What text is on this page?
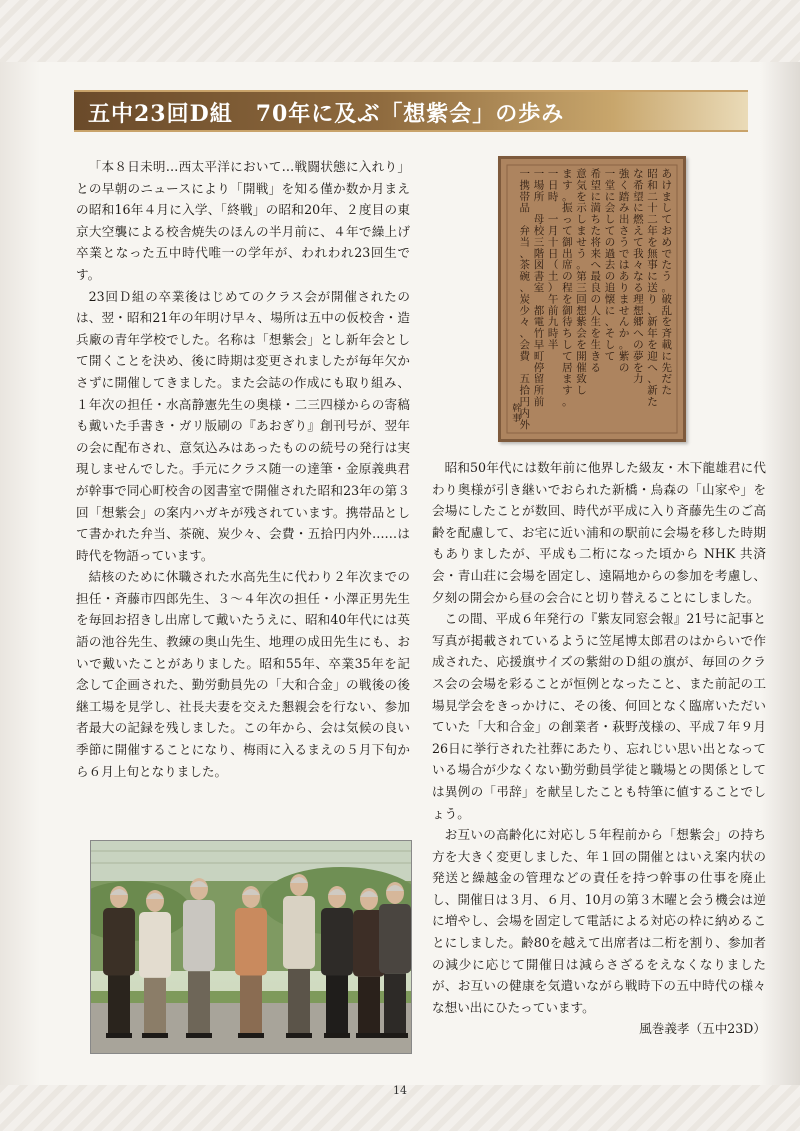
五中23回D組　70年に及ぶ「想紫会」の歩み

「本８日未明…西太平洋において…戦闘状態に入れり」との早朝のニュースにより「開戦」を知る僅か数か月まえの昭和16年４月に入学、「終戦」の昭和20年、２度目の東京大空襲による校舎焼失のほんの半月前に、４年で繰上げ卒業となった五中時代唯一の学年が、われわれ23回生です。

23回Ｄ組の卒業後はじめてのクラス会が開催されたのは、翌・昭和21年の年明け早々、場所は五中の仮校舎・造兵廠の青年学校でした。名称は「想紫会」とし新年会として開くことを決め、後に時期は変更されましたが毎年欠かさずに開催してきました。また会誌の作成にも取り組み、１年次の担任・水高静憲先生の奥様・二三四様からの寄稿も戴いた手書き・ガリ版刷の『あおぎり』創刊号が、翌年の会に配布され、意気込みはあったものの続号の発行は実現しませんでした。手元にクラス随一の達筆・金原義典君が幹事で同心町校舎の図書室で開催された昭和23年の第３回「想紫会」の案内ハガキが残されています。携帯品として書かれた弁当、茶碗、炭少々、会費・五拾円内外……は時代を物語っています。

結核のために休職された水高先生に代わり２年次までの担任・斉藤市四郎先生、３～４年次の担任・小澤正男先生を毎回お招きし出席して戴いたうえに、昭和40年代には英語の池谷先生、教練の奥山先生、地理の成田先生にも、おいで戴いたことがありました。昭和55年、卒業35年を記念して企画された、勤労動員先の「大和合金」の戦後の後継工場を見学し、社長夫妻を交えた懇親会を行ない、参加者最大の記録を残しました。この年から、会は気候の良い季節に開催することになり、梅雨に入るまえの５月下旬から６月上旬となりました。

あけましておめでたう。破乱を斉載に先だた
昭和二十二年を無事に送り、新年を迎へ、新た
な希望に燃えて我々なる理想郷への夢を力
強く踏み出さうではありませんか。紫の
一堂に会しての過去の追懐に、そして
希望に満ちた将来へ最良の人生を生きる
意気を示しませう。第三回想紫会を開催致し
ます。振って御出席の程を御待ちして居ます。
一日時　一月十日（土）午前九時半
一場所　母校三階図書室　都電竹早町停留所前
一携帯品　弁当、茶碗、炭少々、会費　五拾円内外
幹事

昭和50年代には数年前に他界した級友・木下龍雄君に代わり奥様が引き継いでおられた新橋・烏森の「山家や」を会場にしたことが数回、時代が平成に入り斉藤先生のご高齢を配慮して、お宅に近い浦和の駅前に会場を移した時期もありましたが、平成も二桁になった頃から NHK 共済会・青山荘に会場を固定し、遠隔地からの参加を考慮し、夕刻の開会から昼の会合にと切り替えることにしました。

この間、平成６年発行の『紫友同窓会報』21号に記事と写真が掲載されているように笠尾博太郎君のはからいで作成された、応援旗サイズの紫紺のＤ組の旗が、毎回のクラス会の会場を彩ることが恒例となったこと、また前記の工場見学会をきっかけに、その後、何回となく臨席いただいていた「大和合金」の創業者・萩野茂様の、平成７年９月26日に挙行された社葬にあたり、忘れじい思い出となっている場合が少なくない勤労動員学徒と職場との関係としては異例の「弔辞」を献呈したことも特筆に値することでしょう。

お互いの高齢化に対応し５年程前から「想紫会」の持ち方を大きく変更しました、年１回の開催とはいえ案内状の発送と繰越金の管理などの責任を持つ幹事の仕事を廃止し、開催日は３月、６月、10月の第３木曜と会う機会は逆に増やし、会場を固定して電話による対応の枠に納めることにしました。齢80を越えて出席者は二桁を割り、参加者の減少に応じて開催日は減らさざるをえなくなりましたが、お互いの健康を気遣いながら戦時下の五中時代の様々な想い出にひたっています。

風巻義孝（五中23D）

14
